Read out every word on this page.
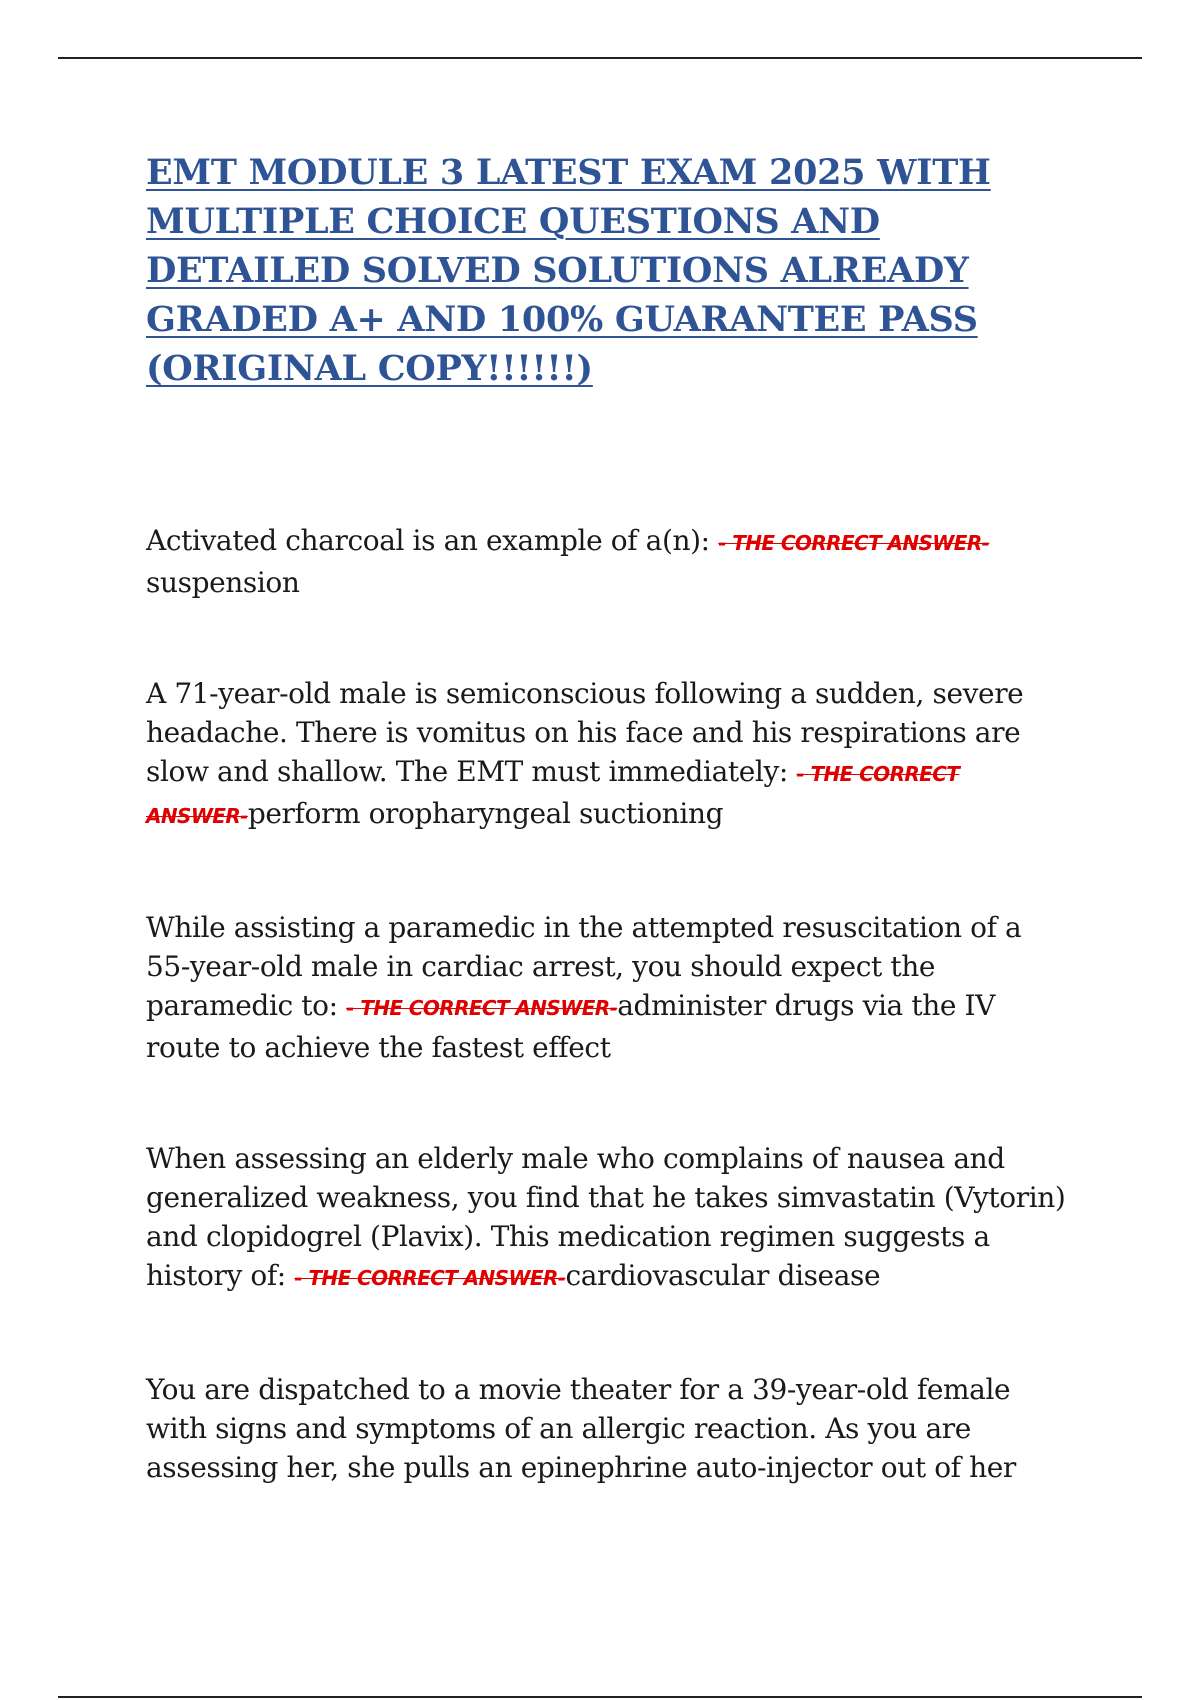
EMT MODULE 3 LATEST EXAM 2025 WITH MULTIPLE CHOICE QUESTIONS AND DETAILED SOLVED SOLUTIONS ALREADY GRADED A+ AND 100% GUARANTEE PASS (ORIGINAL COPY!!!!!!)

Activated charcoal is an example of a(n): - THE CORRECT ANSWER-suspension

A 71-year-old male is semiconscious following a sudden, severe headache. There is vomitus on his face and his respirations are slow and shallow. The EMT must immediately: - THE CORRECT ANSWER-perform oropharyngeal suctioning

While assisting a paramedic in the attempted resuscitation of a 55-year-old male in cardiac arrest, you should expect the paramedic to: - THE CORRECT ANSWER-administer drugs via the IV route to achieve the fastest effect

When assessing an elderly male who complains of nausea and generalized weakness, you find that he takes simvastatin (Vytorin) and clopidogrel (Plavix). This medication regimen suggests a history of: - THE CORRECT ANSWER-cardiovascular disease

You are dispatched to a movie theater for a 39-year-old female with signs and symptoms of an allergic reaction. As you are assessing her, she pulls an epinephrine auto-injector out of her
